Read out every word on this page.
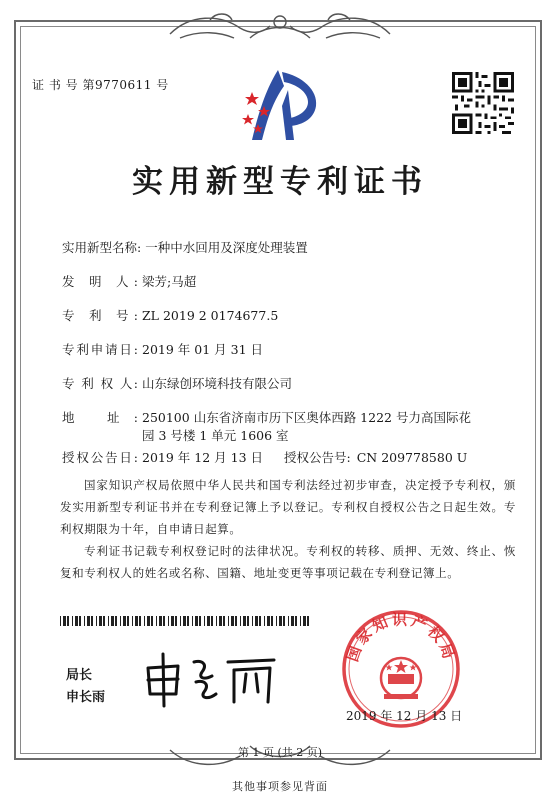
证 书 号 第9770611 号
实用新型专利证书
实用新型名称: 一种中水回用及深度处理装置
发 明 人: 梁芳;马超
专 利 号: ZL 2019 2 0174677.5
专利申请日: 2019 年 01 月 31 日
专 利 权 人: 山东绿创环境科技有限公司
地 址: 250100 山东省济南市历下区奥体西路 1222 号力高国际花
园 3 号楼 1 单元 1606 室
授权公告日: 2019 年 12 月 13 日 授权公告号: CN 209778580 U
国家知识产权局依照中华人民共和国专利法经过初步审查，决定授予专利权，颁发实用新型专利证书并在专利登记簿上予以登记。专利权自授权公告之日起生效。专利权期限为十年，自申请日起算。
专利证书记载专利权登记时的法律状况。专利权的转移、质押、无效、终止、恢复和专利权人的姓名或名称、国籍、地址变更等事项记载在专利登记簿上。
局长
申长雨
国家知识产权局
2019 年 12 月 13 日
第 1 页 (共 2 页)
其他事项参见背面
